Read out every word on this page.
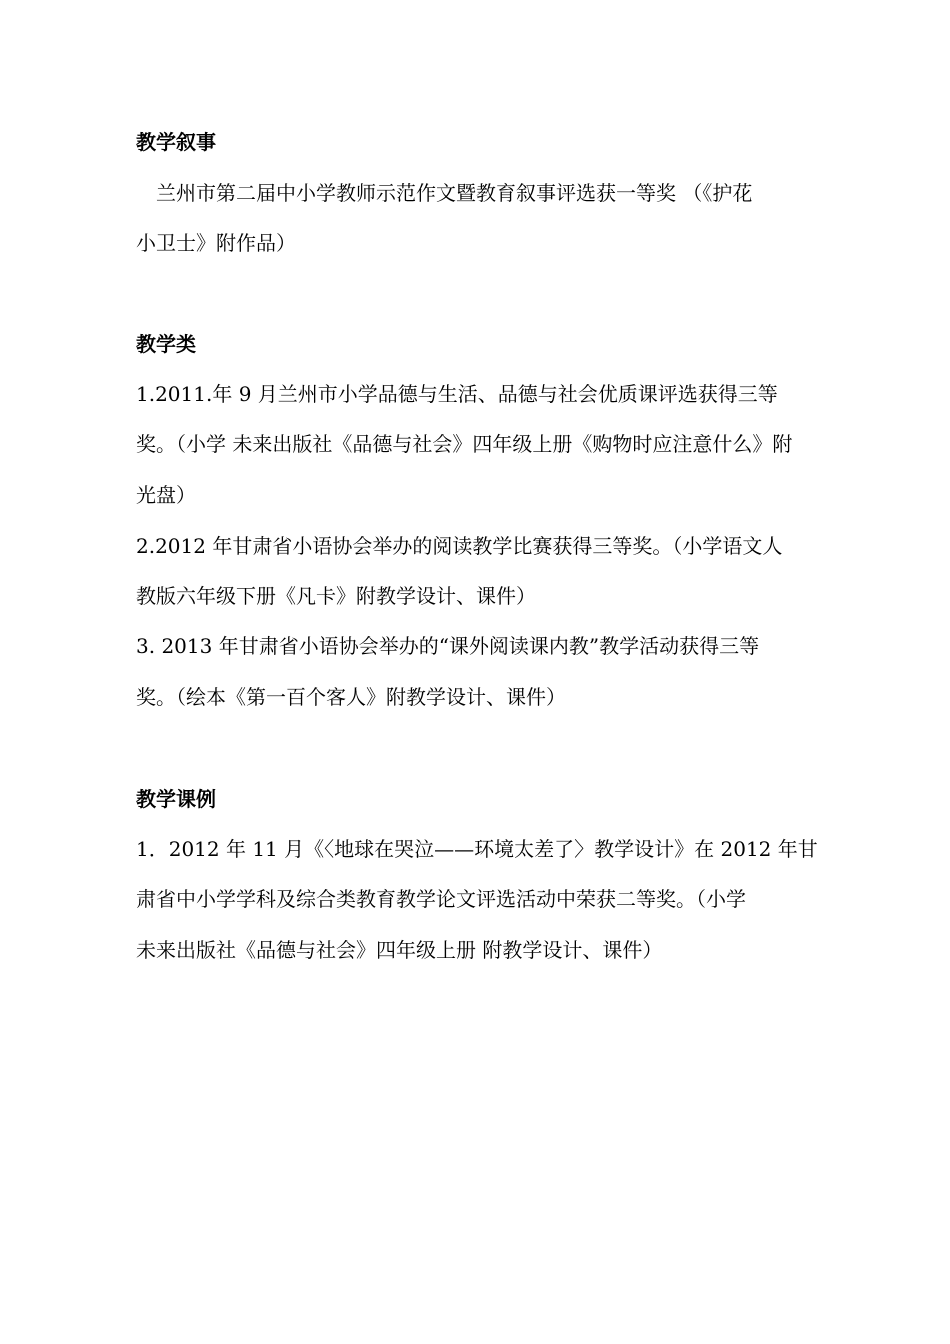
教学叙事
　兰州市第二届中小学教师示范作文暨教育叙事评选获一等奖 （《护花
小卫士》附作品）
教学类
1.2011.年 9 月兰州市小学品德与生活、品德与社会优质课评选获得三等
奖。（小学 未来出版社《品德与社会》四年级上册《购物时应注意什么》附
光盘）
2.2012 年甘肃省小语协会举办的阅读教学比赛获得三等奖。（小学语文人
教版六年级下册《凡卡》附教学设计、课件）
3. 2013 年甘肃省小语协会举办的“课外阅读课内教”教学活动获得三等
奖。（绘本《第一百个客人》附教学设计、课件）
教学课例
1．2012 年 11 月《〈地球在哭泣——环境太差了〉教学设计》在 2012 年甘
肃省中小学学科及综合类教育教学论文评选活动中荣获二等奖。（小学
未来出版社《品德与社会》四年级上册 附教学设计、课件）
